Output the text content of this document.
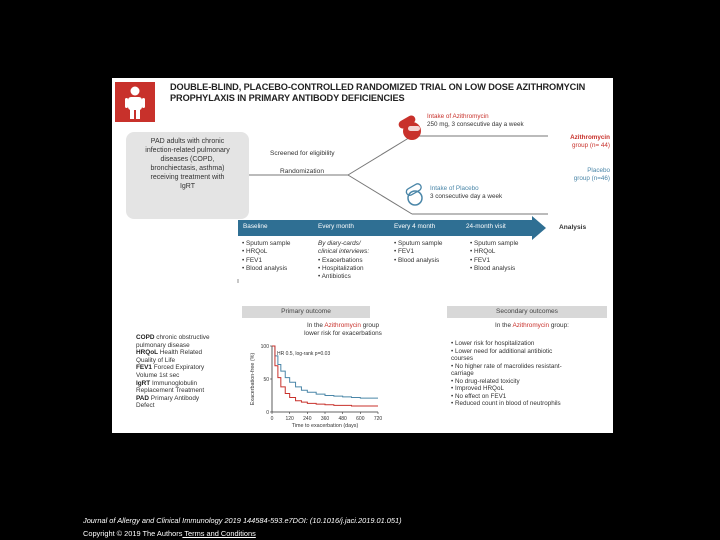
DOUBLE-BLIND, PLACEBO-CONTROLLED RANDOMIZED TRIAL ON LOW DOSE AZITHROMYCIN
PROPHYLAXIS IN PRIMARY ANTIBODY DEFICIENCIES
PAD adults with chronic
infection-related pulmonary
diseases (COPD,
bronchiectasis, asthma)
receiving treatment with
IgRT
Screened for eligibility
Randomization
Intake of Azithromycin
250 mg, 3 consecutive day a week
Azithromycin
group (n= 44)
Placebo
group (n=46)
Intake of Placebo
3 consecutive day a week
Baseline	Every month	Every 4 month	24-month visit	Analysis
• Sputum sample
• HRQoL
• FEV1
• Blood analysis
By diary-cards/
clinical interviews:
• Exacerbations
• Hospitalization
• Antibiotics
• Sputum sample
• FEV1
• Blood analysis
• Sputum sample
• HRQoL
• FEV1
• Blood analysis
Primary outcome	Secondary outcomes
COPD chronic obstructive
pulmonary disease
HRQoL Health Related
Quality of Life
FEV1 Forced Expiratory
Volume 1st sec
IgRT Immunoglobulin
Replacement Treatment
PAD Primary Antibody
Defect
In the Azithromycin group
lower risk for exacerbations
0 120 240 360 480 600 720
0
50
100
Time to exacerbation (days)
Exacerbation-free (%)	HR 0.5, log-rank p=0.03
In the Azithromycin group:
• Lower risk for hospitalization
• Lower need for additional antibiotic
courses
• No higher rate of macrolides resistant-
carriage
• No drug-related toxicity
• Improved HRQoL
• No effect on FEV1
• Reduced count in blood of neutrophils
Journal of Allergy and Clinical Immunology 2019 144584-593.e7DOI: (10.1016/j.jaci.2019.01.051)
Copyright © 2019 The Authors Terms and Conditions
